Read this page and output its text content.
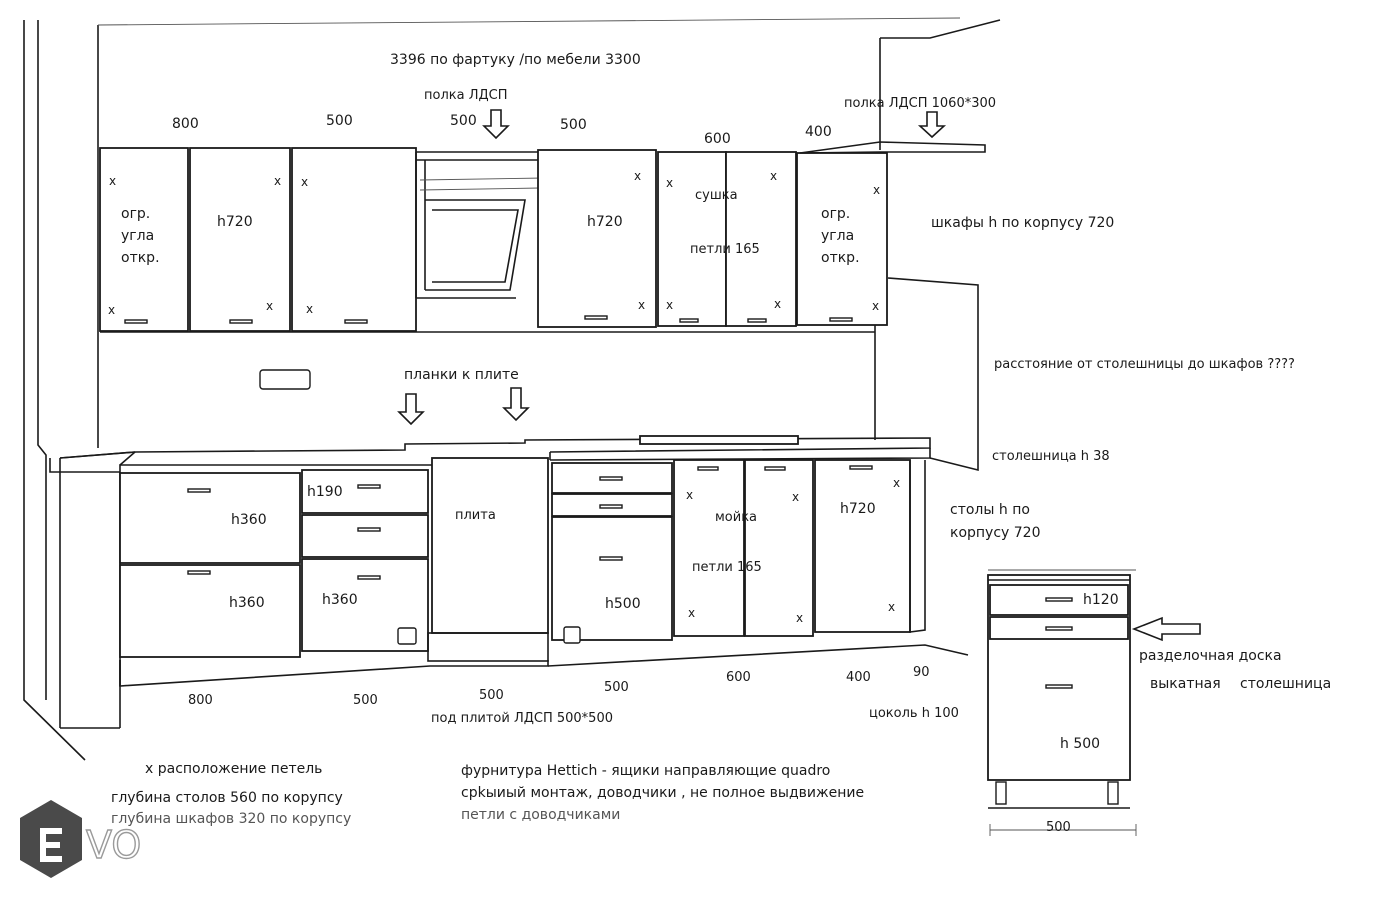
x
x
x
x
x
x
x
x
x
x
x
x
x
x
x
x
x
x
x
x
3396 по фартуку /по мебели 3300
полка ЛДСП
полка ЛДСП 1060*300
800	500	500	500
600	400
огр.
угла
откр.
h720	h720
сушка
петли 165
огр.
угла
откр.
шкафы h по корпусу 720
расстояние от столешницы до шкафов ????
планки к плите
столешница h 38
h360
h360
h190
h360
плита
h500
мойка
петли 165
h720	столы h по
корпусу 720
800	500	500
500
600	400	90
под плитой ЛДСП 500*500	цоколь h 100
x расположение петель
глубина столов 560 по корупсу
глубина шкафов 320 по корупсу
фурнитура Hettich - ящики направляющие quadro
срkыиый монтаж, доводчики , не полное выдвижение
петли с доводчиками
h120
h 500
500
разделочная доска
выкатная столешница
VO
